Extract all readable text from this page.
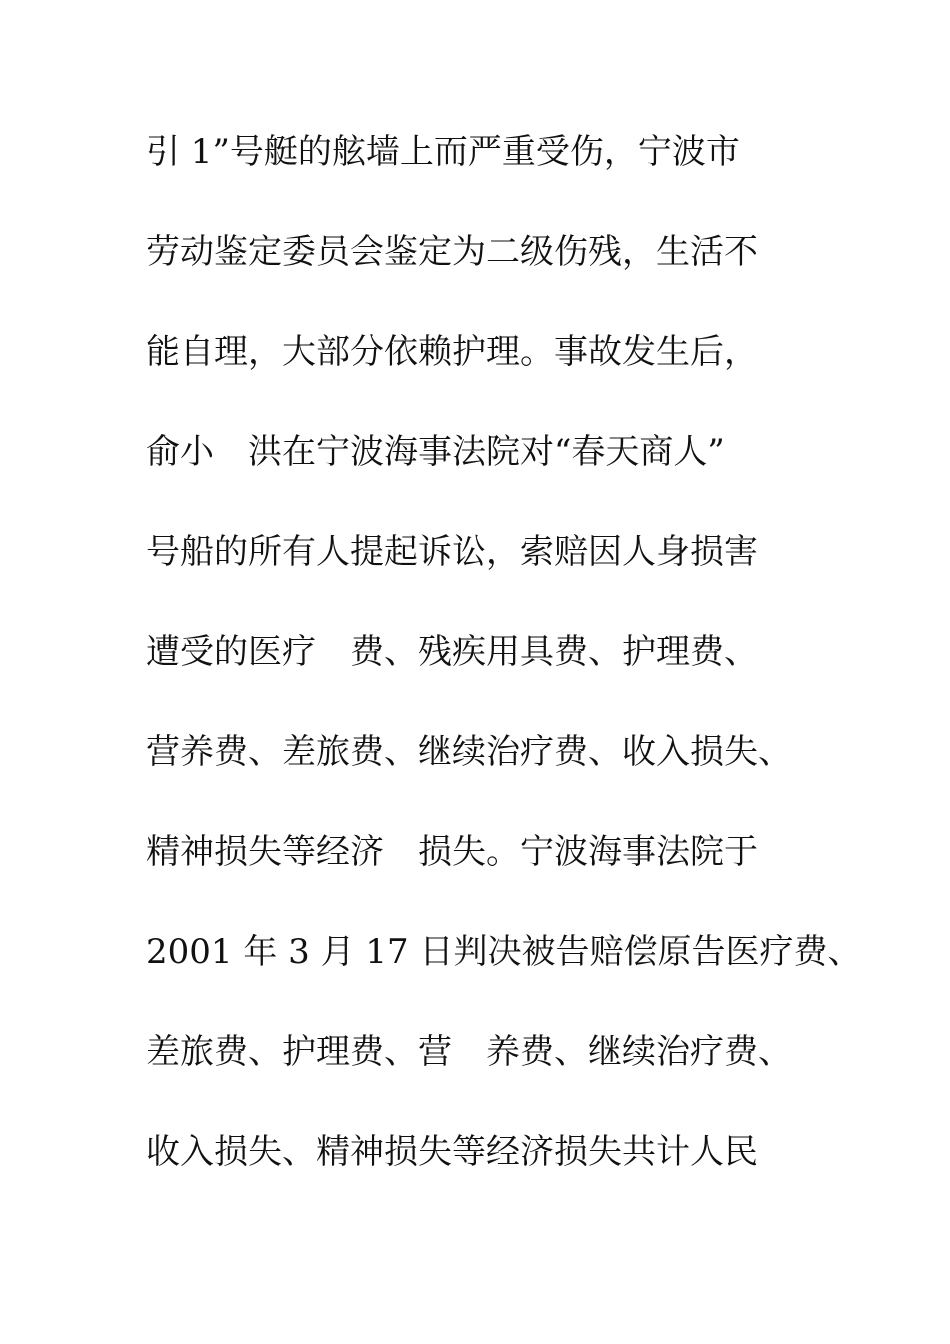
引 1”号艇的舷墙上而严重受伤，宁波市
劳动鉴定委员会鉴定为二级伤残，生活不
能自理，大部分依赖护理。事故发生后，
俞小　洪在宁波海事法院对“春天商人”
号船的所有人提起诉讼，索赔因人身损害
遭受的医疗　费、残疾用具费、护理费、
营养费、差旅费、继续治疗费、收入损失、
精神损失等经济　损失。宁波海事法院于
2001 年 3 月 17 日判决被告赔偿原告医疗费、
差旅费、护理费、营　养费、继续治疗费、
收入损失、精神损失等经济损失共计人民
